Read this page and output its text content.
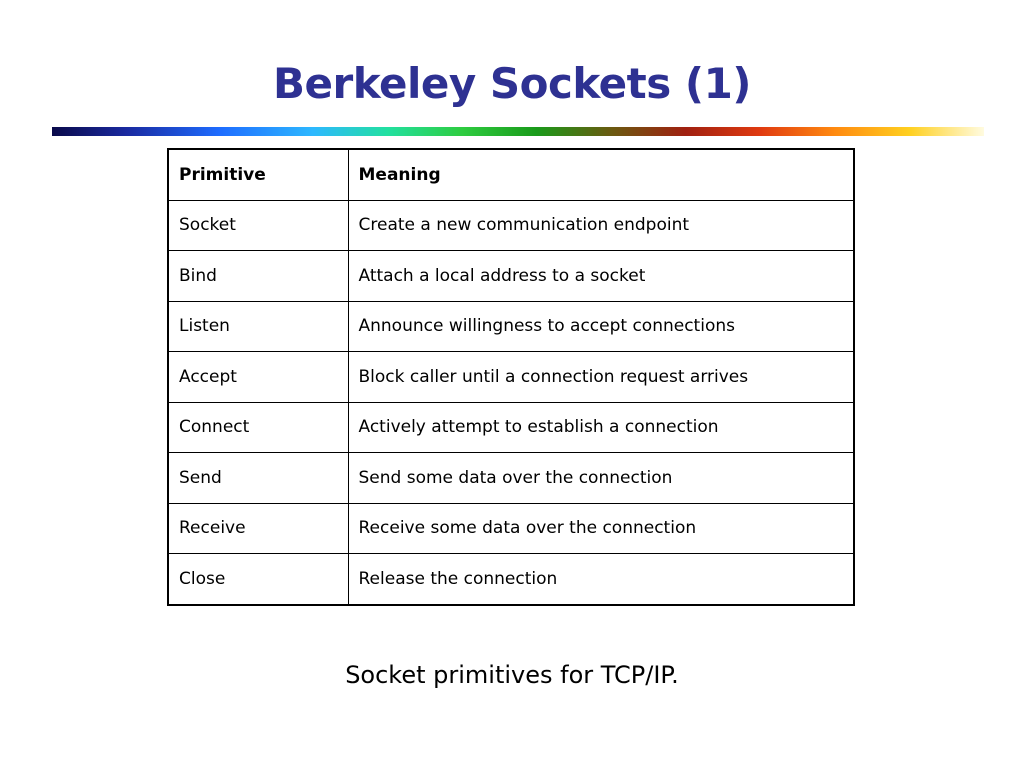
Berkeley Sockets (1)
Primitive	Meaning
Socket	Create a new communication endpoint
Bind	Attach a local address to a socket
Listen	Announce willingness to accept connections
Accept	Block caller until a connection request arrives
Connect	Actively attempt to establish a connection
Send	Send some data over the connection
Receive	Receive some data over the connection
Close	Release the connection
Socket primitives for TCP/IP.
